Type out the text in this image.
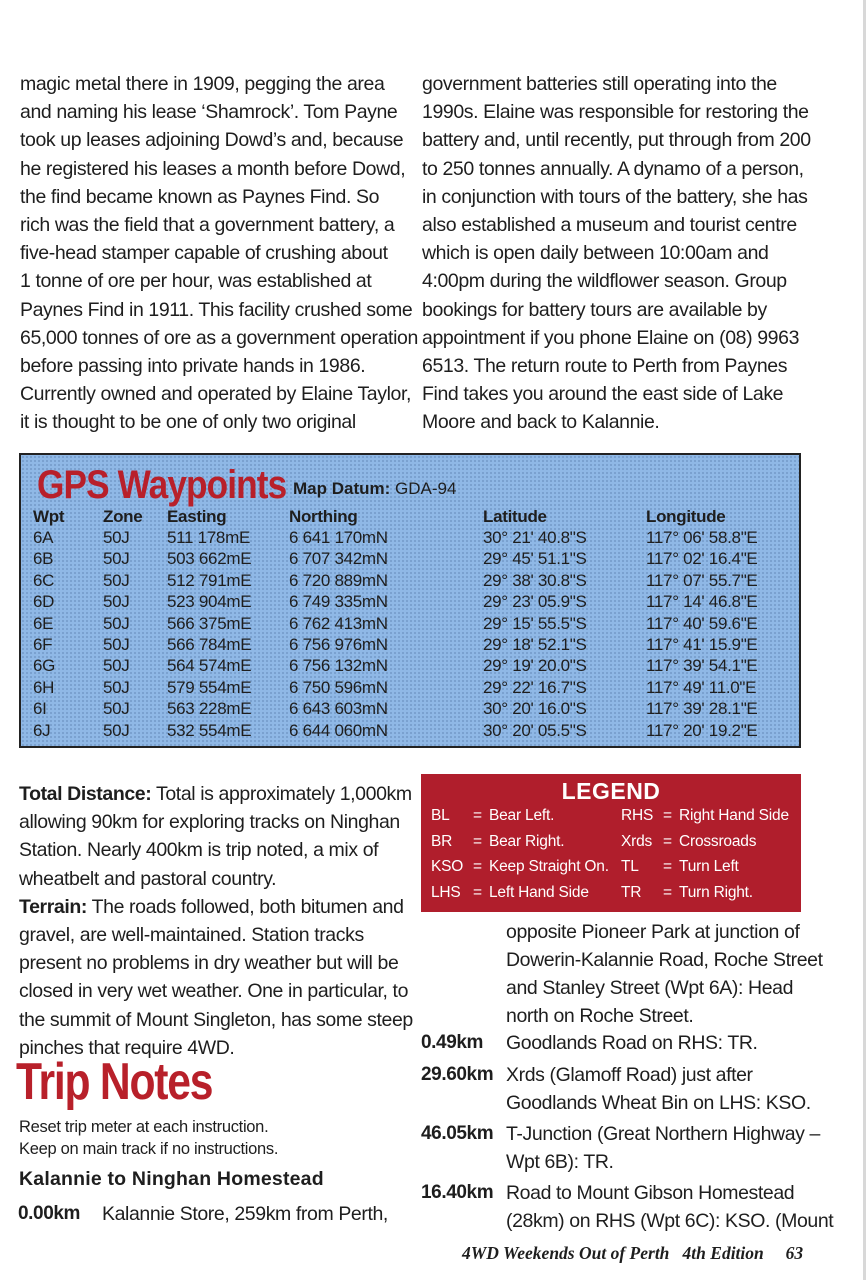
magic metal there in 1909, pegging the area

and naming his lease ‘Shamrock’. Tom Payne

took up leases adjoining Dowd’s and, because

he registered his leases a month before Dowd,

the find became known as Paynes Find. So

rich was the field that a government battery, a

five-head stamper capable of crushing about

1 tonne of ore per hour, was established at

Paynes Find in 1911. This facility crushed some

65,000 tonnes of ore as a government operation

before passing into private hands in 1986.

Currently owned and operated by Elaine Taylor,

it is thought to be one of only two original

government batteries still operating into the

1990s. Elaine was responsible for restoring the

battery and, until recently, put through from 200

to 250 tonnes annually. A dynamo of a person,

in conjunction with tours of the battery, she has

also established a museum and tourist centre

which is open daily between 10:00am and

4:00pm during the wildflower season. Group

bookings for battery tours are available by

appointment if you phone Elaine on (08) 9963

6513. The return route to Perth from Paynes

Find takes you around the east side of Lake

Moore and back to Kalannie.

GPS Waypoints Map Datum: GDA-94
Wpt Zone Easting	Northing	Latitude	Longitude
6A	50J 511 178mE 6 641 170mN	30° 21' 40.8"S	117° 06' 58.8"E
6B	50J 503 662mE 6 707 342mN	29° 45' 51.1"S	117° 02' 16.4"E
6C	50J 512 791mE 6 720 889mN	29° 38' 30.8"S	117° 07' 55.7"E
6D	50J 523 904mE 6 749 335mN	29° 23' 05.9"S	117° 14' 46.8"E
6E	50J 566 375mE 6 762 413mN	29° 15' 55.5"S	117° 40' 59.6"E
6F	50J 566 784mE 6 756 976mN	29° 18' 52.1"S	117° 41' 15.9"E
6G	50J 564 574mE 6 756 132mN	29° 19' 20.0"S	117° 39' 54.1"E
6H	50J 579 554mE 6 750 596mN	29° 22' 16.7"S	117° 49' 11.0"E
6I	50J 563 228mE 6 643 603mN	30° 20' 16.0"S	117° 39' 28.1"E
6J	50J 532 554mE 6 644 060mN	30° 20' 05.5"S	117° 20' 19.2"E

Total Distance: Total is approximately 1,000km

allowing 90km for exploring tracks on Ninghan

Station. Nearly 400km is trip noted, a mix of

wheatbelt and pastoral country.

Terrain: The roads followed, both bitumen and

gravel, are well-maintained. Station tracks

present no problems in dry weather but will be

closed in very wet weather. One in particular, to

the summit of Mount Singleton, has some steep

pinches that require 4WD.

Trip Notes
Reset trip meter at each instruction.
Keep on main track if no instructions.
Kalannie to Ninghan Homestead
0.00km Kalannie Store, 259km from Perth,
opposite Pioneer Park at junction of
Dowerin-Kalannie Road, Roche Street
and Stanley Street (Wpt 6A): Head
north on Roche Street.
0.49km Goodlands Road on RHS: TR.
29.60km Xrds (Glamoff Road) just after
Goodlands Wheat Bin on LHS: KSO.
46.05km T-Junction (Great Northern Highway –
Wpt 6B): TR.
16.40km Road to Mount Gibson Homestead
(28km) on RHS (Wpt 6C): KSO. (Mount
LEGEND
BL = Bear Left.
BR = Bear Right.
KSO = Keep Straight On.
LHS = Left Hand Side
RHS = Right Hand Side
Xrds = Crossroads
TL = Turn Left
TR = Turn Right.
4WD Weekends Out of Perth 4th Edition 63
